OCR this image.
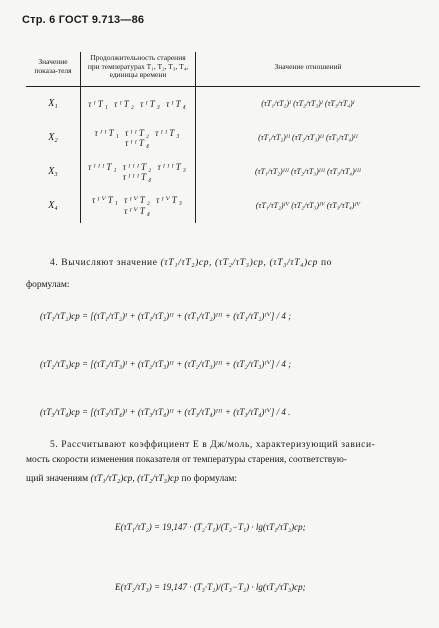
Стр. 6 ГОСТ 9.713—86
Значение показа-теля	Продолжительность старения при температурах T₁, T₂, T₃, T₄, единицы времени	Значение отношений
X₁	τᴵT₁ τᴵT₂ τᴵT₃ τᴵT₄	(τT₁/τT₂)ᴵ (τT₂/τT₃)ᴵ (τT₃/τT₄)ᴵ
X₂	τᴵᴵT₁ τᴵᴵT₂ τᴵᴵT₃ τᴵᴵT₄	(τT₁/τT₂)ᴵᴵ (τT₂/τT₃)ᴵᴵ (τT₃/τT₄)ᴵᴵ
X₃	τᴵᴵᴵT₁ τᴵᴵᴵT₂ τᴵᴵᴵT₃ τᴵᴵᴵT₄	(τT₁/τT₂)ᴵᴵᴵ (τT₂/τT₃)ᴵᴵᴵ (τT₃/τT₄)ᴵᴵᴵ
X₄	τᴵⱽT₁ τᴵⱽT₂ τᴵⱽT₃ τᴵⱽT₄	(τT₁/τT₂)ᴵⱽ (τT₂/τT₃)ᴵⱽ (τT₃/τT₄)ᴵⱽ
4. Вычисляют значение (τT₁/τT₂)ср, (τT₂/τT₃)ср, (τT₃/τT₄)ср по
формулам:
(τT₁/τT₂)ср = [(τT₁/τT₂)ᴵ + (τT₁/τT₂)ᴵᴵ + (τT₁/τT₂)ᴵᴵᴵ + (τT₁/τT₂)ᴵⱽ] / 4 ;
(τT₂/τT₃)ср = [(τT₂/τT₃)ᴵ + (τT₂/τT₃)ᴵᴵ + (τT₂/τT₃)ᴵᴵᴵ + (τT₂/τT₃)ᴵⱽ] / 4 ;
(τT₃/τT₄)ср = [(τT₃/τT₄)ᴵ + (τT₃/τT₄)ᴵᴵ + (τT₃/τT₄)ᴵᴵᴵ + (τT₃/τT₄)ᴵⱽ] / 4 .
5. Рассчитывают коэффициент E в Дж/моль, характеризующий зависи-
мость скорости изменения показателя от температуры старения, соответствую-
щий значениям (τT₁/τT₂)ср, (τT₂/τT₃)ср по формулам:
E(τT₁/τT₂) = 19,147 · (T₂·T₁)/(T₂−T₁) · lg(τT₁/τT₂)ср;
E(τT₂/τT₃) = 19,147 · (T₃·T₂)/(T₃−T₂) · lg(τT₂/τT₃)ср;
